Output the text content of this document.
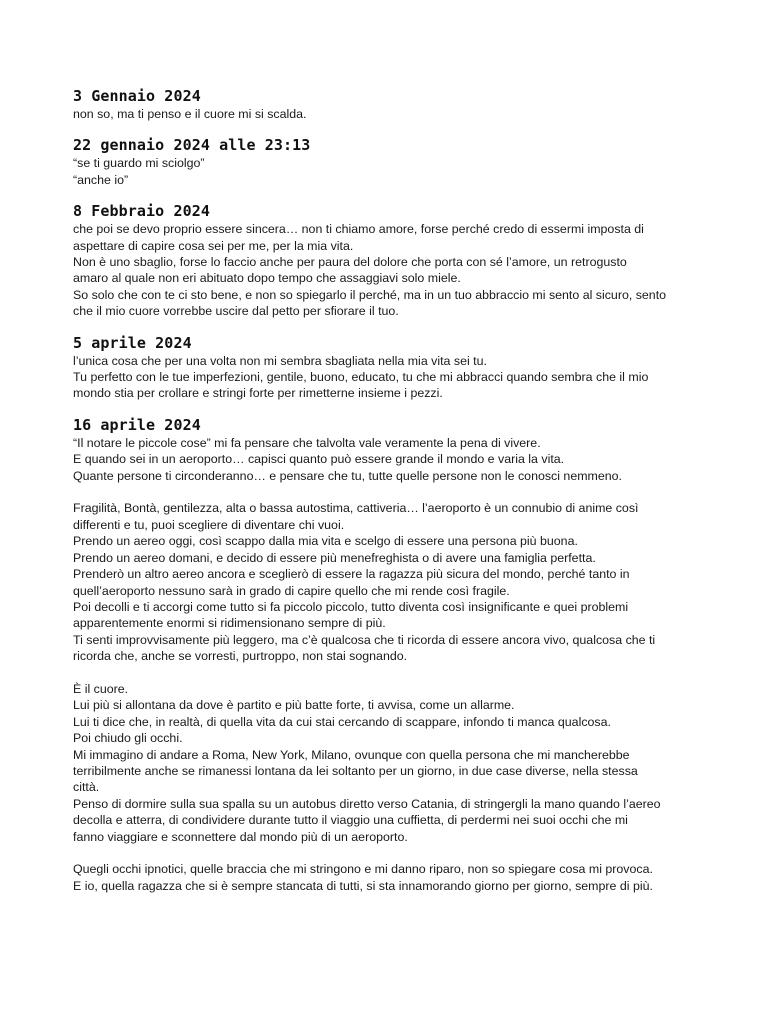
3 Gennaio 2024
non so, ma ti penso e il cuore mi si scalda.
22 gennaio 2024 alle 23:13
“se ti guardo mi sciolgo”
“anche io”
8 Febbraio 2024
che poi se devo proprio essere sincera… non ti chiamo amore, forse perché credo di essermi imposta di
aspettare di capire cosa sei per me, per la mia vita.
Non è uno sbaglio, forse lo faccio anche per paura del dolore che porta con sé l’amore, un retrogusto
amaro al quale non eri abituato dopo tempo che assaggiavi solo miele.
So solo che con te ci sto bene, e non so spiegarlo il perché, ma in un tuo abbraccio mi sento al sicuro, sento
che il mio cuore vorrebbe uscire dal petto per sfiorare il tuo.
5 aprile 2024
l’unica cosa che per una volta non mi sembra sbagliata nella mia vita sei tu.
Tu perfetto con le tue imperfezioni, gentile, buono, educato, tu che mi abbracci quando sembra che il mio
mondo stia per crollare e stringi forte per rimetterne insieme i pezzi.
16 aprile 2024
“Il notare le piccole cose” mi fa pensare che talvolta vale veramente la pena di vivere.
E quando sei in un aeroporto… capisci quanto può essere grande il mondo e varia la vita.
Quante persone ti circonderanno… e pensare che tu, tutte quelle persone non le conosci nemmeno.
Fragilità, Bontà, gentilezza, alta o bassa autostima, cattiveria… l’aeroporto è un connubio di anime così
differenti e tu, puoi scegliere di diventare chi vuoi.
Prendo un aereo oggi, così scappo dalla mia vita e scelgo di essere una persona più buona.
Prendo un aereo domani, e decido di essere più menefreghista o di avere una famiglia perfetta.
Prenderò un altro aereo ancora e sceglierò di essere la ragazza più sicura del mondo, perché tanto in
quell’aeroporto nessuno sarà in grado di capire quello che mi rende così fragile.
Poi decolli e ti accorgi come tutto si fa piccolo piccolo, tutto diventa così insignificante e quei problemi
apparentemente enormi si ridimensionano sempre di più.
Ti senti improvvisamente più leggero, ma c’è qualcosa che ti ricorda di essere ancora vivo, qualcosa che ti
ricorda che, anche se vorresti, purtroppo, non stai sognando.
È il cuore.
Lui più si allontana da dove è partito e più batte forte, ti avvisa, come un allarme.
Lui ti dice che, in realtà, di quella vita da cui stai cercando di scappare, infondo ti manca qualcosa.
Poi chiudo gli occhi.
Mi immagino di andare a Roma, New York, Milano, ovunque con quella persona che mi mancherebbe
terribilmente anche se rimanessi lontana da lei soltanto per un giorno, in due case diverse, nella stessa
città.
Penso di dormire sulla sua spalla su un autobus diretto verso Catania, di stringergli la mano quando l’aereo
decolla e atterra, di condividere durante tutto il viaggio una cuffietta, di perdermi nei suoi occhi che mi
fanno viaggiare e sconnettere dal mondo più di un aeroporto.
Quegli occhi ipnotici, quelle braccia che mi stringono e mi danno riparo, non so spiegare cosa mi provoca.
E io, quella ragazza che si è sempre stancata di tutti, si sta innamorando giorno per giorno, sempre di più.
